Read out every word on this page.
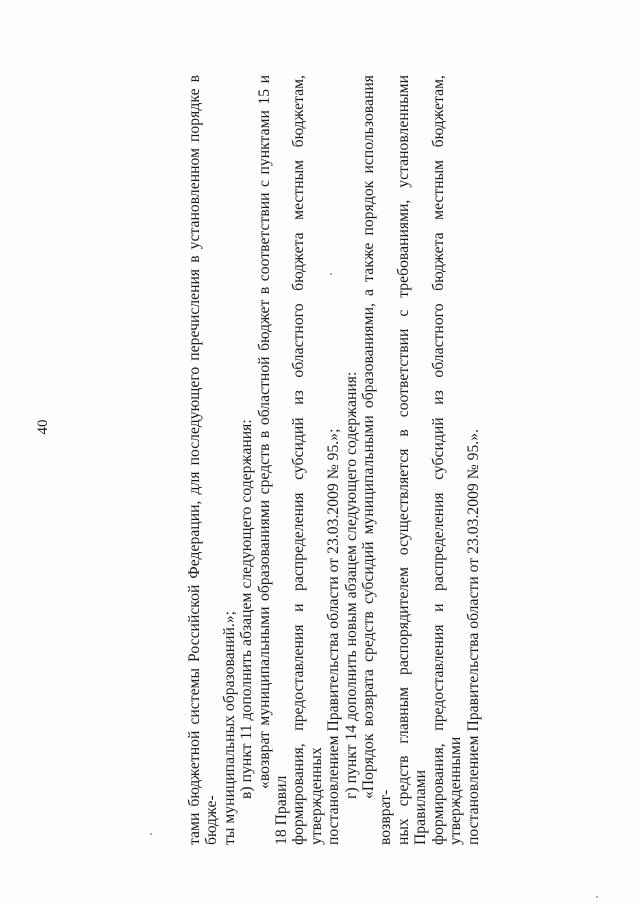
40	тами бюджетной системы Российской Федерации, для последующего перечисления в установленном порядке в бюдже- ты муниципальных образований.»; в) пункт 11 дополнить абзацем следующего содержания: «возврат муниципальными образованиями средств в областной бюджет в соответствии с пунктами 15 и 18 Правил формирования, предоставления и распределения субсидий из областного бюджета местным бюджетам, утвержденных постановлением Правительства области от 23.03.2009 № 95.»; г) пункт 14 дополнить новым абзацем следующего содержания: «Порядок возврата средств субсидий муниципальными образованиями, а также порядок использования возврат- ных средств главным распорядителем осуществляется в соответствии с требованиями, установленными Правилами формирования, предоставления и распределения субсидий из областного бюджета местным бюджетам, утвержденными постановлением Правительства области от 23.03.2009 № 95.».
